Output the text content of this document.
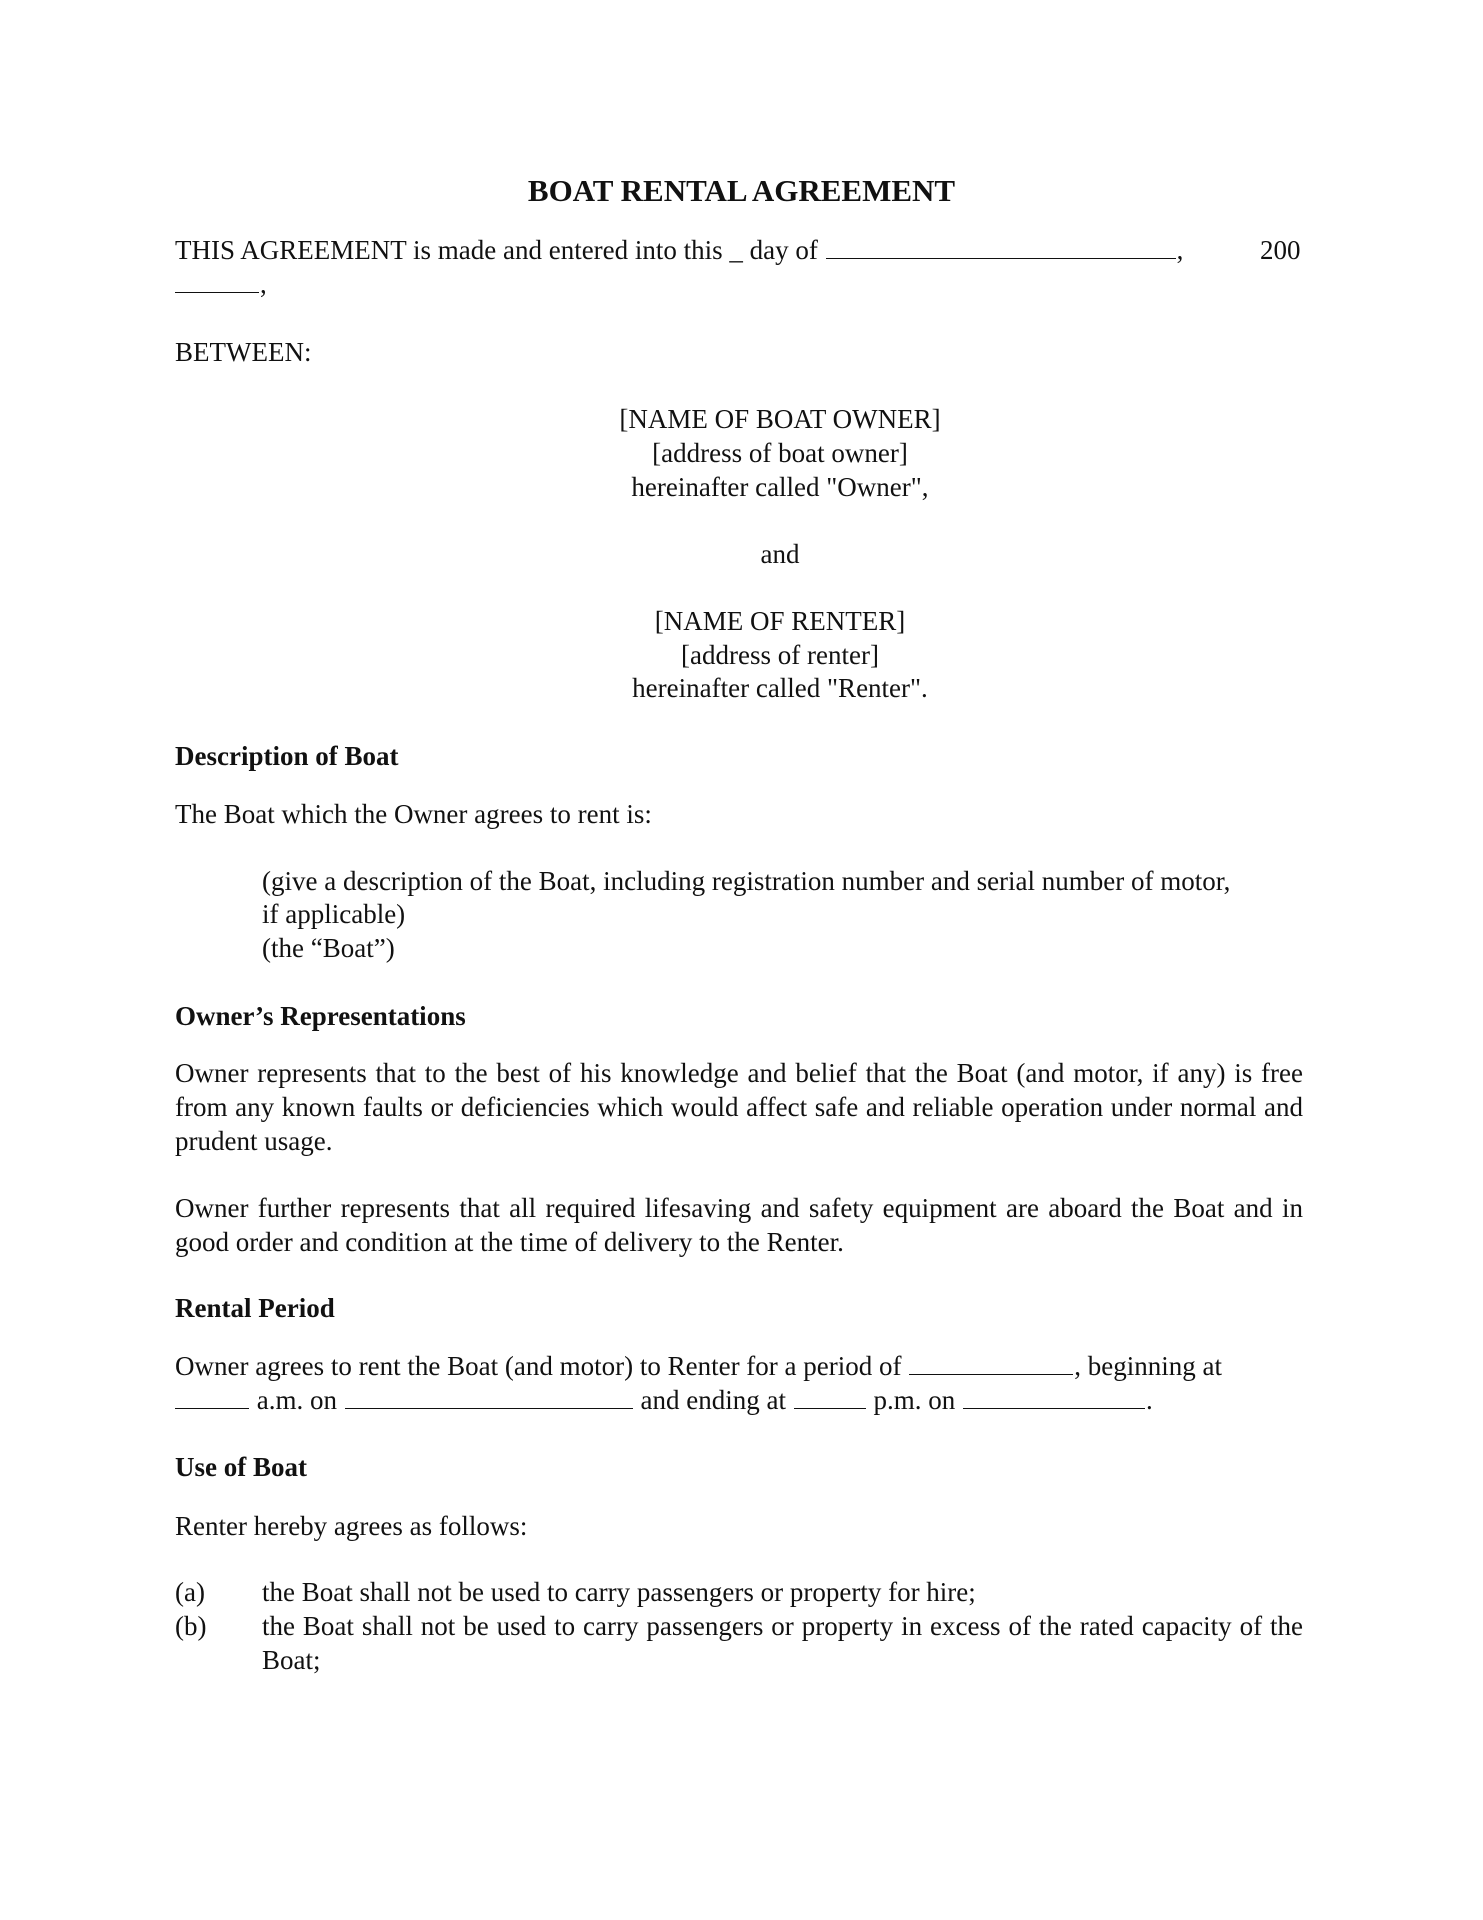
BOAT RENTAL AGREEMENT
THIS AGREEMENT is made and entered into this _ day of	,	200
,
BETWEEN:
[NAME OF BOAT OWNER]
[address of boat owner]
hereinafter called "Owner",
and
[NAME OF RENTER]
[address of renter]
hereinafter called "Renter".
Description of Boat
The Boat which the Owner agrees to rent is:
(give a description of the Boat, including registration number and serial number of motor,
if applicable)
(the “Boat”)
Owner’s Representations
Owner represents that to the best of his knowledge and belief that the Boat (and motor, if any) is free from any known faults or deficiencies which would affect safe and reliable operation under normal and prudent usage.
Owner further represents that all required lifesaving and safety equipment are aboard the Boat and in good order and condition at the time of delivery to the Renter.
Rental Period
Owner agrees to rent the Boat (and motor) to Renter for a period of	, beginning at
a.m. on	and ending at	p.m. on	.
Use of Boat
Renter hereby agrees as follows:
(a) the Boat shall not be used to carry passengers or property for hire;
(b) the Boat shall not be used to carry passengers or property in excess of the rated capacity of the Boat;
